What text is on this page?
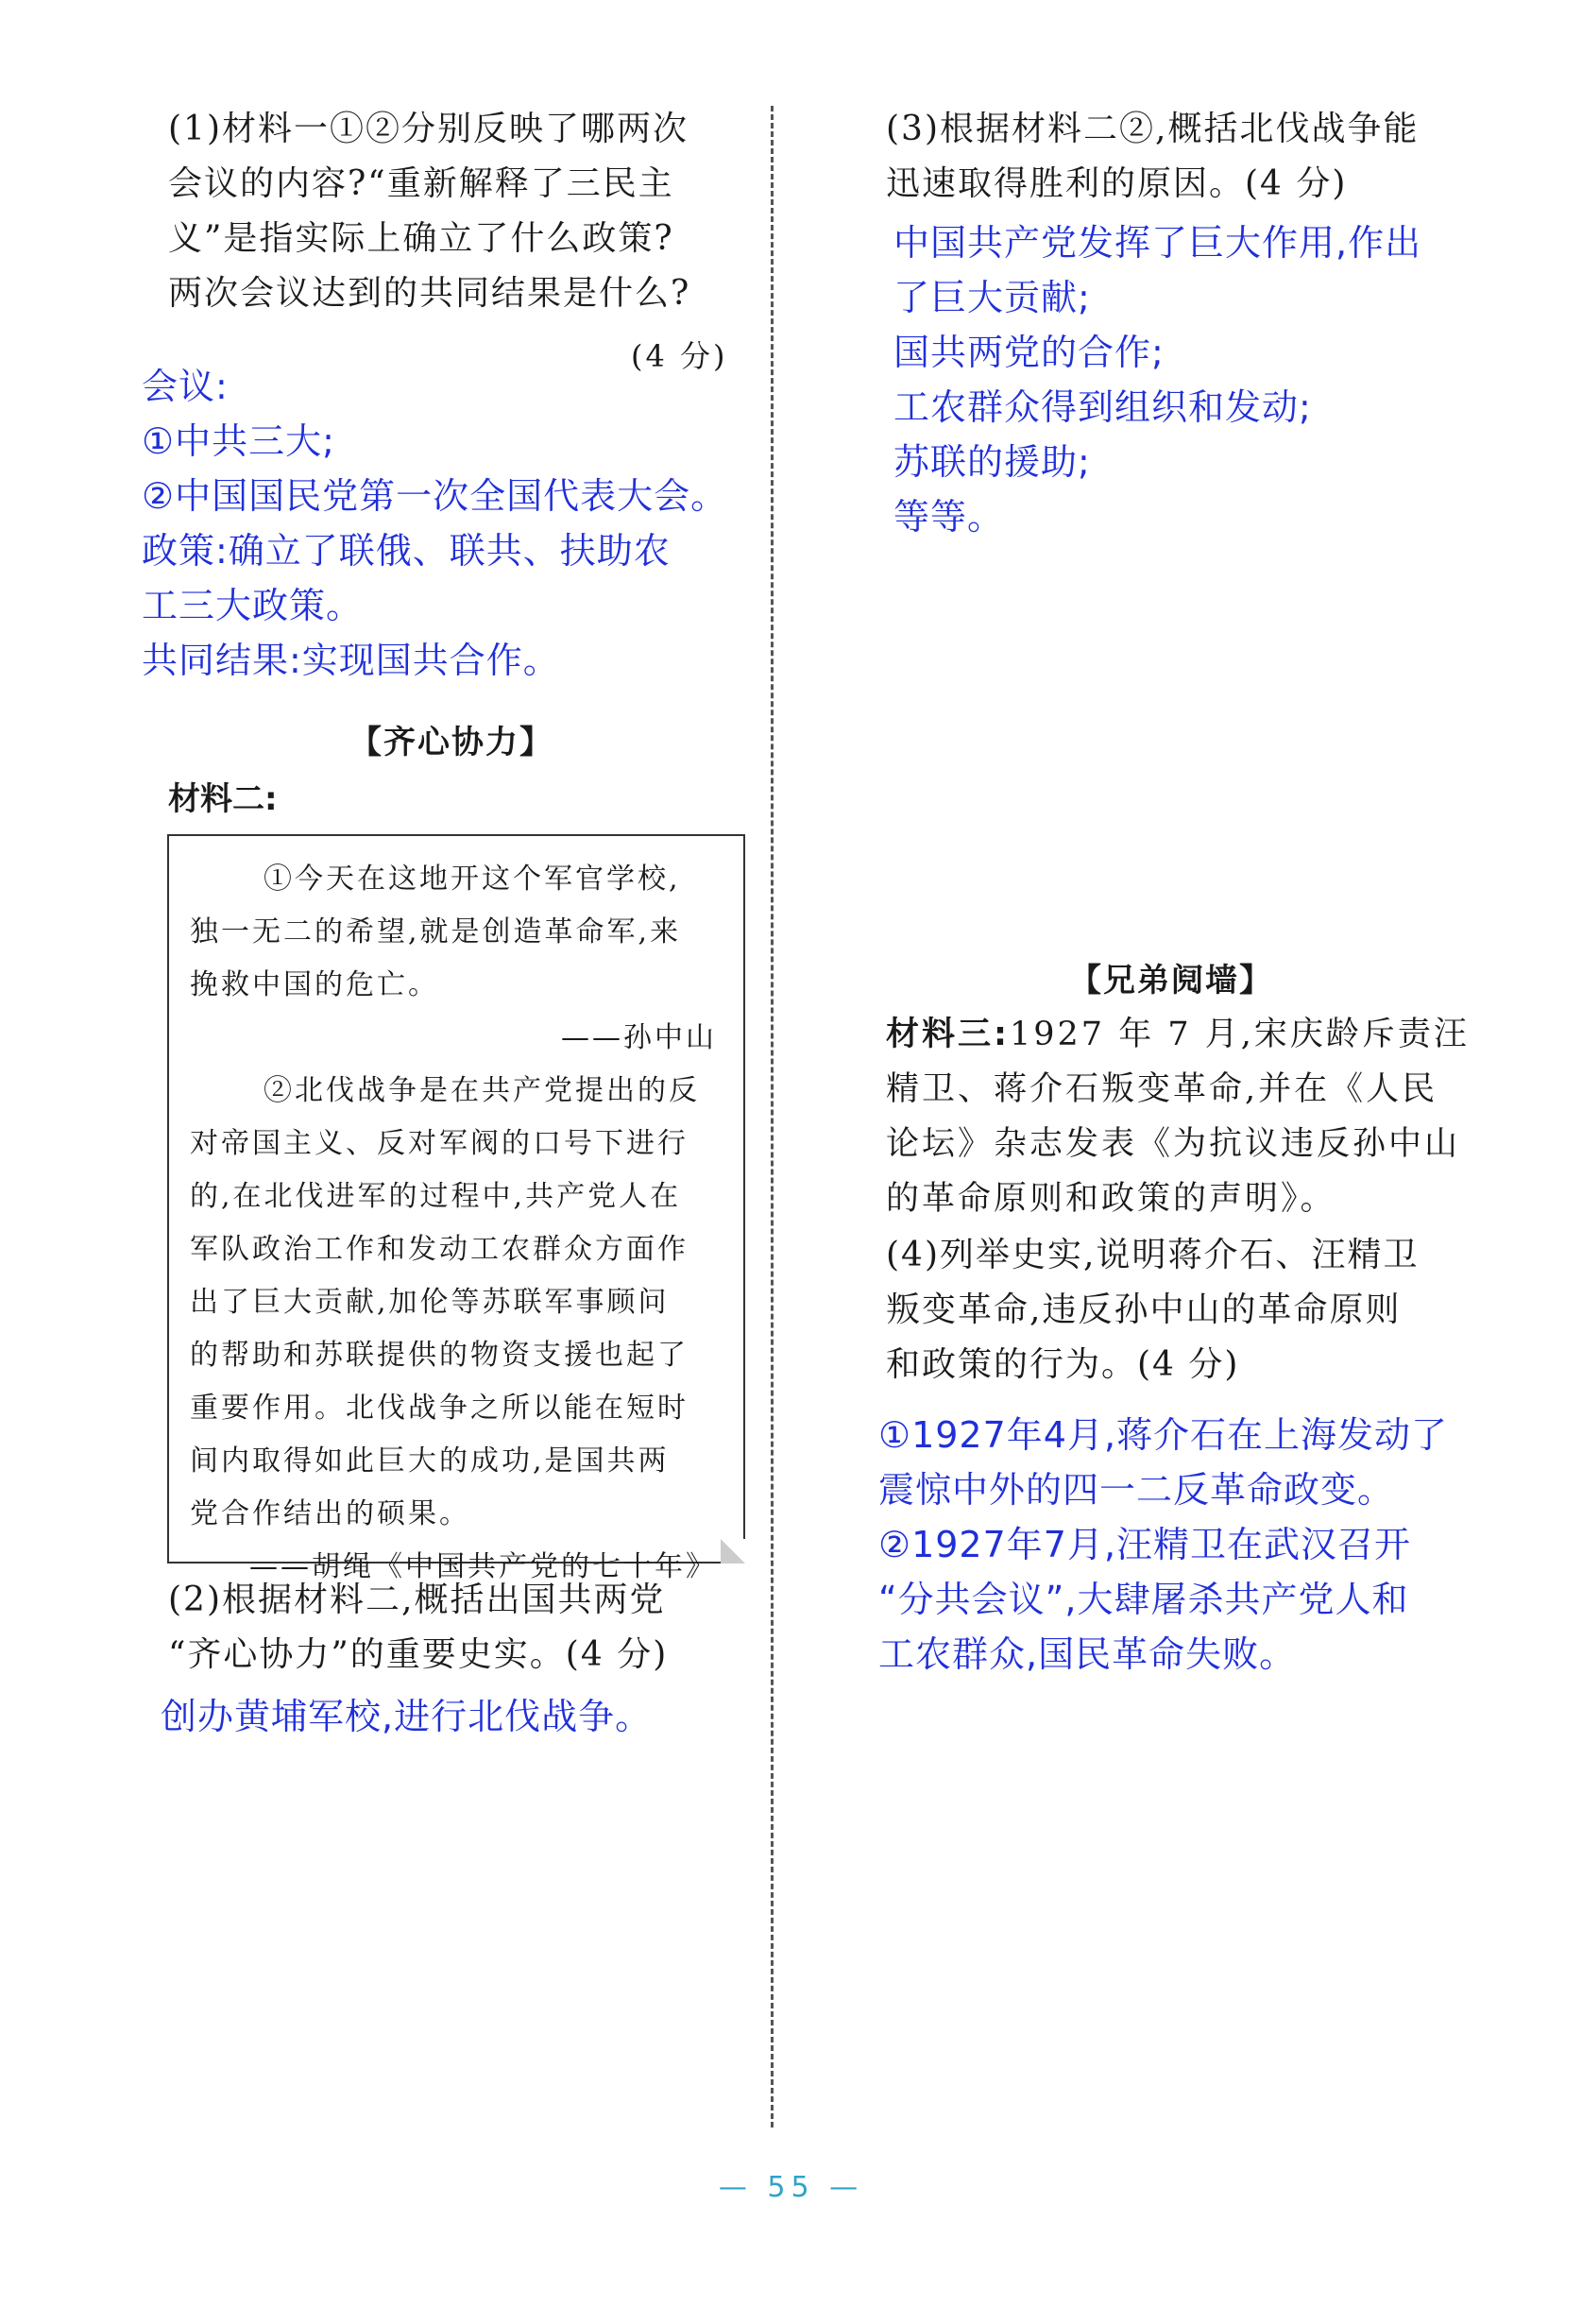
(1)材料一①②分别反映了哪两次

会议的内容?“重新解释了三民主

义”是指实际上确立了什么政策?

两次会议达到的共同结果是什么?

(4 分)

会议:

①中共三大;

②中国国民党第一次全国代表大会。

政策:确立了联俄、联共、扶助农

工三大政策。

共同结果:实现国共合作。

【齐心协力】
材料二:

①今天在这地开这个军官学校,

独一无二的希望,就是创造革命军,来

挽救中国的危亡。

——孙中山

②北伐战争是在共产党提出的反

对帝国主义、反对军阀的口号下进行

的,在北伐进军的过程中,共产党人在

军队政治工作和发动工农群众方面作

出了巨大贡献,加伦等苏联军事顾问

的帮助和苏联提供的物资支援也起了

重要作用。北伐战争之所以能在短时

间内取得如此巨大的成功,是国共两

党合作结出的硕果。

——胡绳《中国共产党的七十年》

(2)根据材料二,概括出国共两党

“齐心协力”的重要史实。(4 分)

创办黄埔军校,进行北伐战争。

(3)根据材料二②,概括北伐战争能

迅速取得胜利的原因。(4 分)

中国共产党发挥了巨大作用,作出

了巨大贡献;

国共两党的合作;

工农群众得到组织和发动;

苏联的援助;

等等。

【兄弟阋墙】

材料三:1927 年 7 月,宋庆龄斥责汪

精卫、蒋介石叛变革命,并在《人民

论坛》杂志发表《为抗议违反孙中山

的革命原则和政策的声明》。

(4)列举史实,说明蒋介石、汪精卫

叛变革命,违反孙中山的革命原则

和政策的行为。(4 分)

①1927年4月,蒋介石在上海发动了

震惊中外的四一二反革命政变。

②1927年7月,汪精卫在武汉召开

“分共会议”,大肆屠杀共产党人和

工农群众,国民革命失败。

— 55 —
